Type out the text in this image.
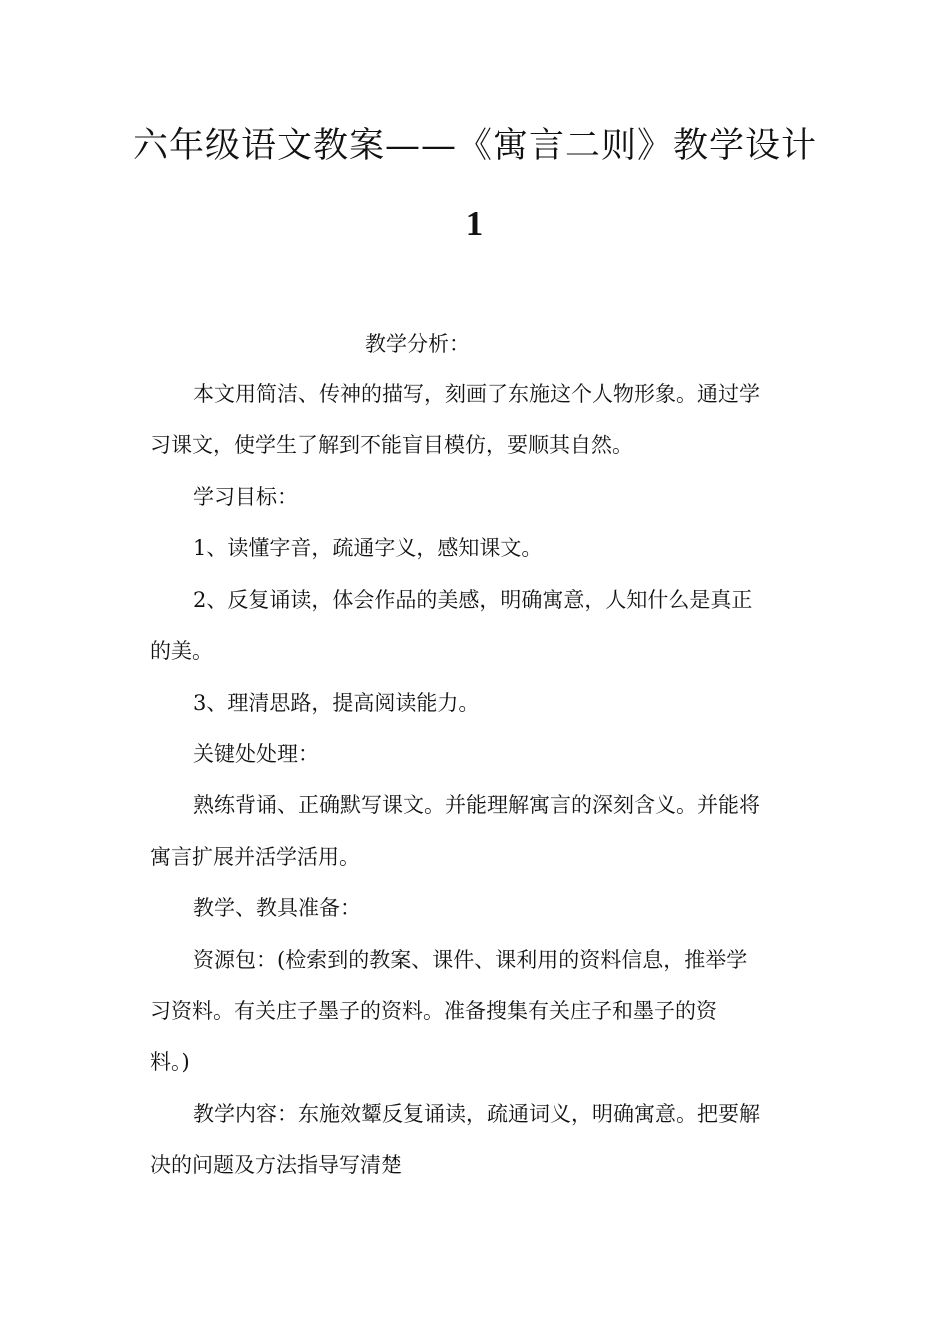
六年级语文教案——《寓言二则》教学设计
1
教学分析：
本文用简洁、传神的描写，刻画了东施这个人物形象。通过学
习课文，使学生了解到不能盲目模仿，要顺其自然。
学习目标：
1、读懂字音，疏通字义，感知课文。
2、反复诵读，体会作品的美感，明确寓意，人知什么是真正
的美。
3、理清思路，提高阅读能力。
关键处处理：
熟练背诵、正确默写课文。并能理解寓言的深刻含义。并能将
寓言扩展并活学活用。
教学、教具准备：
资源包：(检索到的教案、课件、课利用的资料信息，推举学
习资料。有关庄子墨子的资料。准备搜集有关庄子和墨子的资
料。)
教学内容：东施效颦反复诵读，疏通词义，明确寓意。把要解
决的问题及方法指导写清楚
